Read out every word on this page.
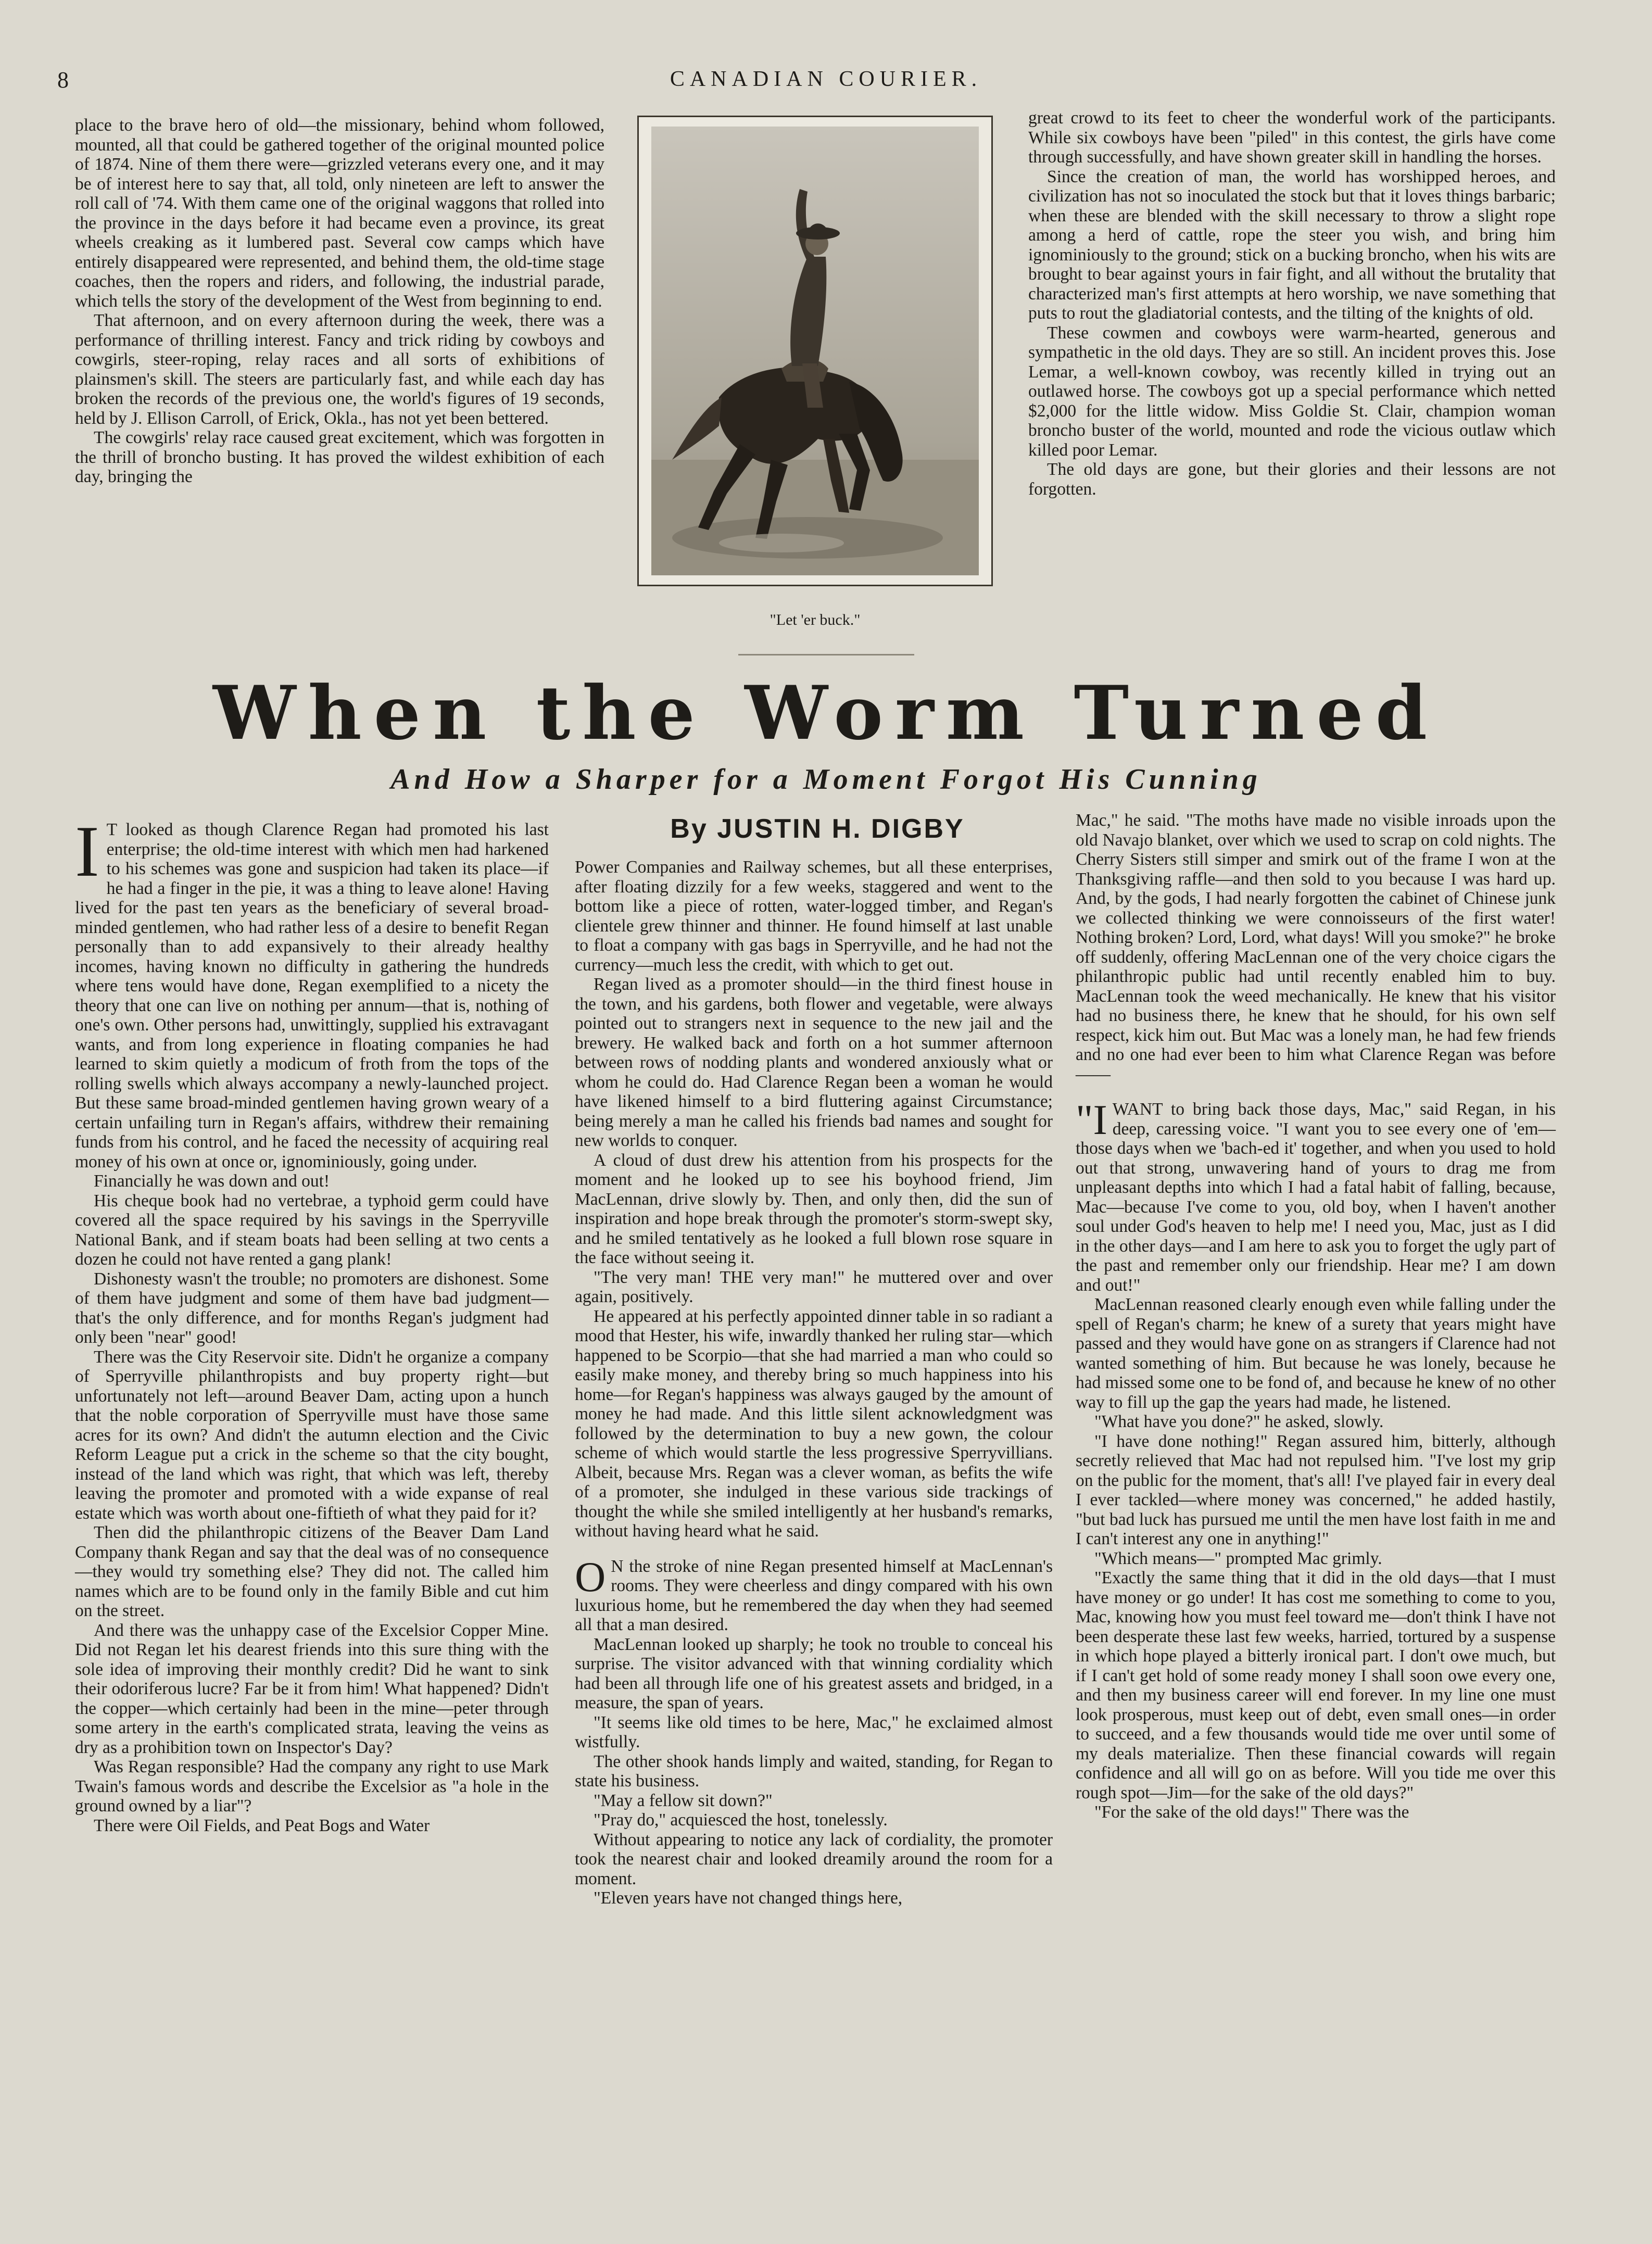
8	CANADIAN COURIER.

place to the brave hero of old—the missionary, behind whom followed, mounted, all that could be gathered together of the original mounted police of 1874. Nine of them there were—grizzled veterans every one, and it may be of interest here to say that, all told, only nineteen are left to answer the roll call of '74. With them came one of the original waggons that rolled into the province in the days before it had became even a province, its great wheels creaking as it lumbered past. Several cow camps which have entirely disappeared were represented, and behind them, the old-time stage coaches, then the ropers and riders, and following, the industrial parade, which tells the story of the development of the West from beginning to end.

That afternoon, and on every afternoon during the week, there was a performance of thrilling interest. Fancy and trick riding by cowboys and cowgirls, steer-roping, relay races and all sorts of exhibitions of plainsmen's skill. The steers are particularly fast, and while each day has broken the records of the previous one, the world's figures of 19 seconds, held by J. Ellison Carroll, of Erick, Okla., has not yet been bettered.

The cowgirls' relay race caused great excitement, which was forgotten in the thrill of broncho busting. It has proved the wildest exhibition of each day, bringing the

"Let 'er buck."

great crowd to its feet to cheer the wonderful work of the participants. While six cowboys have been "piled" in this contest, the girls have come through successfully, and have shown greater skill in handling the horses.

Since the creation of man, the world has worshipped heroes, and civilization has not so inoculated the stock but that it loves things barbaric; when these are blended with the skill necessary to throw a slight rope among a herd of cattle, rope the steer you wish, and bring him ignominiously to the ground; stick on a bucking broncho, when his wits are brought to bear against yours in fair fight, and all without the brutality that characterized man's first attempts at hero worship, we nave something that puts to rout the gladiatorial contests, and the tilting of the knights of old.

These cowmen and cowboys were warm-hearted, generous and sympathetic in the old days. They are so still. An incident proves this. Jose Lemar, a well-known cowboy, was recently killed in trying out an outlawed horse. The cowboys got up a special performance which netted $2,000 for the little widow. Miss Goldie St. Clair, champion woman broncho buster of the world, mounted and rode the vicious outlaw which killed poor Lemar.

The old days are gone, but their glories and their lessons are not forgotten.

When the Worm Turned
And How a Sharper for a Moment Forgot His Cunning
By JUSTIN H. DIGBY

I T looked as though Clarence Regan had promoted his last enterprise; the old-time interest with which men had harkened to his schemes was gone and suspicion had taken its place—if he had a finger in the pie, it was a thing to leave alone! Having lived for the past ten years as the beneficiary of several broad-minded gentlemen, who had rather less of a desire to benefit Regan personally than to add expansively to their already healthy incomes, having known no difficulty in gathering the hundreds where tens would have done, Regan exemplified to a nicety the theory that one can live on nothing per annum—that is, nothing of one's own. Other persons had, unwittingly, supplied his extravagant wants, and from long experience in floating companies he had learned to skim quietly a modicum of froth from the tops of the rolling swells which always accompany a newly-launched project. But these same broad-minded gentlemen having grown weary of a certain unfailing turn in Regan's affairs, withdrew their remaining funds from his control, and he faced the necessity of acquiring real money of his own at once or, ignominiously, going under.

Financially he was down and out!

His cheque book had no vertebrae, a typhoid germ could have covered all the space required by his savings in the Sperryville National Bank, and if steam boats had been selling at two cents a dozen he could not have rented a gang plank!

Dishonesty wasn't the trouble; no promoters are dishonest. Some of them have judgment and some of them have bad judgment—that's the only difference, and for months Regan's judgment had only been "near" good!

There was the City Reservoir site. Didn't he organize a company of Sperryville philanthropists and buy property right—but unfortunately not left—around Beaver Dam, acting upon a hunch that the noble corporation of Sperryville must have those same acres for its own? And didn't the autumn election and the Civic Reform League put a crick in the scheme so that the city bought, instead of the land which was right, that which was left, thereby leaving the promoter and promoted with a wide expanse of real estate which was worth about one-fiftieth of what they paid for it?

Then did the philanthropic citizens of the Beaver Dam Land Company thank Regan and say that the deal was of no consequence—they would try something else? They did not. The called him names which are to be found only in the family Bible and cut him on the street.

And there was the unhappy case of the Excelsior Copper Mine. Did not Regan let his dearest friends into this sure thing with the sole idea of improving their monthly credit? Did he want to sink their odoriferous lucre? Far be it from him! What happened? Didn't the copper—which certainly had been in the mine—peter through some artery in the earth's complicated strata, leaving the veins as dry as a prohibition town on Inspector's Day?

Was Regan responsible? Had the company any right to use Mark Twain's famous words and describe the Excelsior as "a hole in the ground owned by a liar"?

There were Oil Fields, and Peat Bogs and Water

Power Companies and Railway schemes, but all these enterprises, after floating dizzily for a few weeks, staggered and went to the bottom like a piece of rotten, water-logged timber, and Regan's clientele grew thinner and thinner. He found himself at last unable to float a company with gas bags in Sperryville, and he had not the currency—much less the credit, with which to get out.

Regan lived as a promoter should—in the third finest house in the town, and his gardens, both flower and vegetable, were always pointed out to strangers next in sequence to the new jail and the brewery. He walked back and forth on a hot summer afternoon between rows of nodding plants and wondered anxiously what or whom he could do. Had Clarence Regan been a woman he would have likened himself to a bird fluttering against Circumstance; being merely a man he called his friends bad names and sought for new worlds to conquer.

A cloud of dust drew his attention from his prospects for the moment and he looked up to see his boyhood friend, Jim MacLennan, drive slowly by. Then, and only then, did the sun of inspiration and hope break through the promoter's storm-swept sky, and he smiled tentatively as he looked a full blown rose square in the face without seeing it.

"The very man! THE very man!" he muttered over and over again, positively.

He appeared at his perfectly appointed dinner table in so radiant a mood that Hester, his wife, inwardly thanked her ruling star—which happened to be Scorpio—that she had married a man who could so easily make money, and thereby bring so much happiness into his home—for Regan's happiness was always gauged by the amount of money he had made. And this little silent acknowledgment was followed by the determination to buy a new gown, the colour scheme of which would startle the less progressive Sperryvillians. Albeit, because Mrs. Regan was a clever woman, as befits the wife of a promoter, she indulged in these various side trackings of thought the while she smiled intelligently at her husband's remarks, without having heard what he said.

O N the stroke of nine Regan presented himself at MacLennan's rooms. They were cheerless and dingy compared with his own luxurious home, but he remembered the day when they had seemed all that a man desired.

MacLennan looked up sharply; he took no trouble to conceal his surprise. The visitor advanced with that winning cordiality which had been all through life one of his greatest assets and bridged, in a measure, the span of years.

"It seems like old times to be here, Mac," he exclaimed almost wistfully.

The other shook hands limply and waited, standing, for Regan to state his business.

"May a fellow sit down?"

"Pray do," acquiesced the host, tonelessly.

Without appearing to notice any lack of cordiality, the promoter took the nearest chair and looked dreamily around the room for a moment.

"Eleven years have not changed things here,

Mac," he said. "The moths have made no visible inroads upon the old Navajo blanket, over which we used to scrap on cold nights. The Cherry Sisters still simper and smirk out of the frame I won at the Thanksgiving raffle—and then sold to you because I was hard up. And, by the gods, I had nearly forgotten the cabinet of Chinese junk we collected thinking we were connoisseurs of the first water! Nothing broken? Lord, Lord, what days! Will you smoke?" he broke off suddenly, offering MacLennan one of the very choice cigars the philanthropic public had until recently enabled him to buy. MacLennan took the weed mechanically. He knew that his visitor had no business there, he knew that he should, for his own self respect, kick him out. But Mac was a lonely man, he had few friends and no one had ever been to him what Clarence Regan was before——

"IWANT to bring back those days, Mac," said Regan, in his deep, caressing voice. "I want you to see every one of 'em—those days when we 'bach-ed it' together, and when you used to hold out that strong, unwavering hand of yours to drag me from unpleasant depths into which I had a fatal habit of falling, because, Mac—because I've come to you, old boy, when I haven't another soul under God's heaven to help me! I need you, Mac, just as I did in the other days—and I am here to ask you to forget the ugly part of the past and remember only our friendship. Hear me? I am down and out!"

MacLennan reasoned clearly enough even while falling under the spell of Regan's charm; he knew of a surety that years might have passed and they would have gone on as strangers if Clarence had not wanted something of him. But because he was lonely, because he had missed some one to be fond of, and because he knew of no other way to fill up the gap the years had made, he listened.

"What have you done?" he asked, slowly.

"I have done nothing!" Regan assured him, bitterly, although secretly relieved that Mac had not repulsed him. "I've lost my grip on the public for the moment, that's all! I've played fair in every deal I ever tackled—where money was concerned," he added hastily, "but bad luck has pursued me until the men have lost faith in me and I can't interest any one in anything!"

"Which means—" prompted Mac grimly.

"Exactly the same thing that it did in the old days—that I must have money or go under! It has cost me something to come to you, Mac, knowing how you must feel toward me—don't think I have not been desperate these last few weeks, harried, tortured by a suspense in which hope played a bitterly ironical part. I don't owe much, but if I can't get hold of some ready money I shall soon owe every one, and then my business career will end forever. In my line one must look prosperous, must keep out of debt, even small ones—in order to succeed, and a few thousands would tide me over until some of my deals materialize. Then these financial cowards will regain confidence and all will go on as before. Will you tide me over this rough spot—Jim—for the sake of the old days?"

"For the sake of the old days!" There was the
